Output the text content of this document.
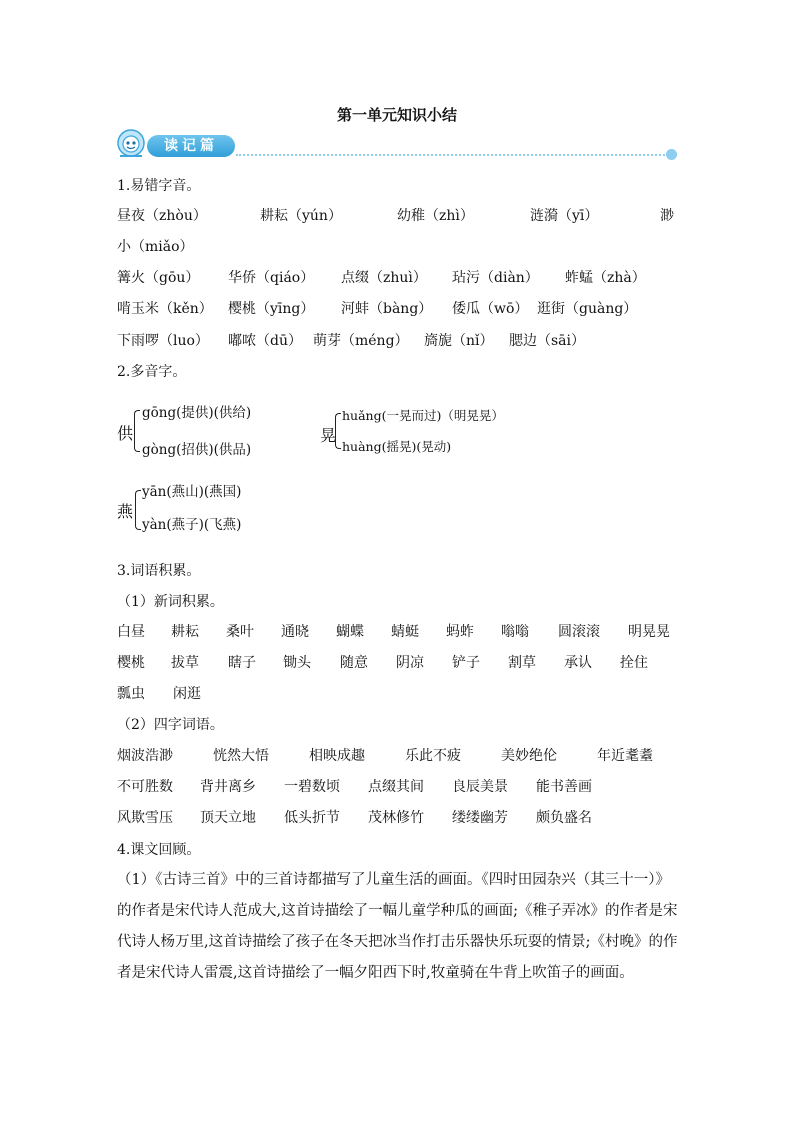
第一单元知识小结
读记篇
1.易错字音。
昼夜（zhòu）	耕耘（yún）	幼稚（zhì）	涟漪（yī）	渺
小（miǎo）
篝火（gōu） 华侨（qiáo） 点缀（zhuì） 玷污（diàn） 蚱蜢（zhà）
啃玉米（kěn） 樱桃（yīng） 河蚌（bàng） 倭瓜（wō） 逛街（guàng）
下雨啰（luo） 嘟哝（dū） 萌芽（méng） 旖旎（nǐ） 腮边（sāi）
2.多音字。
供
gōng(提供)(供给)
gòng(招供)(供品)
晃
huǎng(一晃而过)（明晃晃）
huàng(摇晃)(晃动)
燕
yān(燕山)(燕国)
yàn(燕子)(飞燕)
3.词语积累。
（1）新词积累。
白昼 耕耘 桑叶 通晓 蝴蝶 蜻蜓 蚂蚱 嗡嗡 圆滚滚 明晃晃
樱桃 拔草 瞎子 锄头 随意 阴凉 铲子 割草 承认 拴住
瓢虫 闲逛
（2）四字词语。
烟波浩渺	恍然大悟	相映成趣	乐此不疲	美妙绝伦	年近耄耋
不可胜数 背井离乡 一碧数顷 点缀其间 良辰美景 能书善画
风欺雪压 顶天立地 低头折节 茂林修竹 缕缕幽芳 颇负盛名
4.课文回顾。
（1）《古诗三首》中的三首诗都描写了儿童生活的画面。《四时田园杂兴（其三十一）》的作者是宋代诗人范成大,这首诗描绘了一幅儿童学种瓜的画面;《稚子弄冰》的作者是宋代诗人杨万里,这首诗描绘了孩子在冬天把冰当作打击乐器快乐玩耍的情景;《村晚》的作者是宋代诗人雷震,这首诗描绘了一幅夕阳西下时,牧童骑在牛背上吹笛子的画面。
